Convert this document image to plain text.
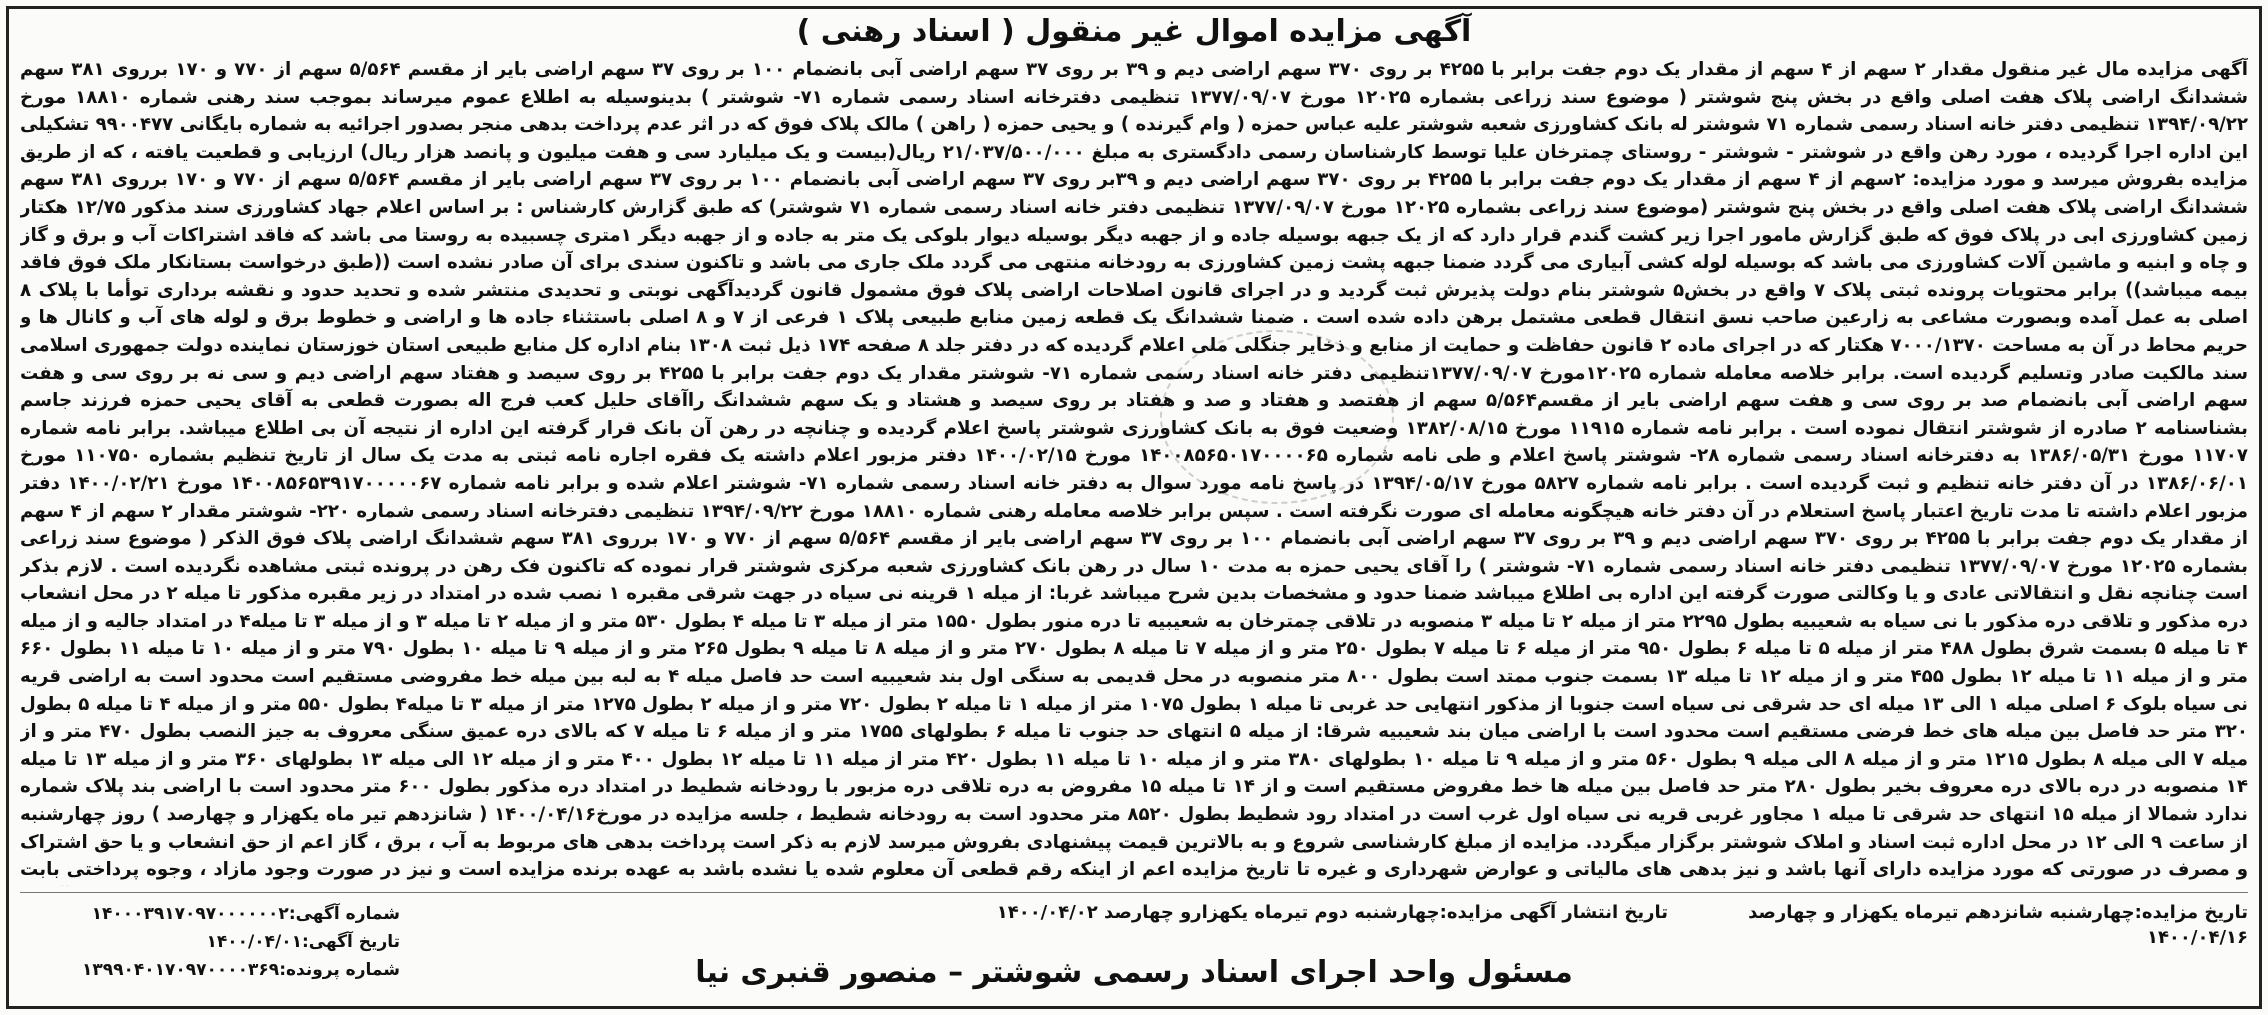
آگهی مزایده اموال غیر منقول ( اسناد رهنی )
آگهی مزایده مال غیر منقول مقدار ۲ سهم از ۴ سهم از مقدار یک دوم جفت برابر با ۴۲۵۵ بر روی ۳۷۰ سهم اراضی دیم و ۳۹ بر روی ۳۷ سهم اراضی آبی بانضمام ۱۰۰ بر روی ۳۷ سهم اراضی بایر از مقسم ۵/۵۶۴ سهم از ۷۷۰ و ۱۷۰ برروی ۳۸۱ سهم ششدانگ اراضی پلاک هفت اصلی واقع در بخش پنج شوشتر ( موضوع سند زراعی بشماره ۱۲۰۲۵ مورخ ۱۳۷۷/۰۹/۰۷ تنظیمی دفترخانه اسناد رسمی شماره ۷۱- شوشتر ) بدینوسیله به اطلاع عموم میرساند بموجب سند رهنی شماره ۱۸۸۱۰ مورخ ۱۳۹۴/۰۹/۲۲ تنظیمی دفتر خانه اسناد رسمی شماره ۷۱ شوشتر له بانک کشاورزی شعبه شوشتر علیه عباس حمزه ( وام گیرنده ) و یحیی حمزه ( راهن ) مالک پلاک فوق که در اثر عدم پرداخت بدهی منجر بصدور اجرائیه به شماره بایگانی ۹۹۰۰۴۷۷ تشکیلی این اداره اجرا گردیده ، مورد رهن واقع در شوشتر - شوشتر - روستای چمترخان علیا توسط کارشناسان رسمی دادگستری به مبلغ ۲۱/۰۳۷/۵۰۰/۰۰۰ ریال(بیست و یک میلیارد سی و هفت میلیون و پانصد هزار ریال) ارزیابی و قطعیت یافته ، که از طریق مزایده بفروش میرسد و مورد مزایده: ۲سهم از ۴ سهم از مقدار یک دوم جفت برابر با ۴۲۵۵ بر روی ۳۷۰ سهم اراضی دیم و ۳۹بر روی ۳۷ سهم اراضی آبی بانضمام ۱۰۰ بر روی ۳۷ سهم اراضی بایر از مقسم ۵/۵۶۴ سهم از ۷۷۰ و ۱۷۰ برروی ۳۸۱ سهم ششدانگ اراضی پلاک هفت اصلی واقع در بخش پنج شوشتر (موضوع سند زراعی بشماره ۱۲۰۲۵ مورخ ۱۳۷۷/۰۹/۰۷ تنظیمی دفتر خانه اسناد رسمی شماره ۷۱ شوشتر) که طبق گزارش کارشناس : بر اساس اعلام جهاد کشاورزی سند مذکور ۱۲/۷۵ هکتار زمین کشاورزی ابی در پلاک فوق که طبق گزارش مامور اجرا زیر کشت گندم قرار دارد که از یک جبهه بوسیله جاده و از جهبه دیگر بوسیله دیوار بلوکی یک متر به جاده و از جهبه دیگر ۱متری چسبیده به روستا می باشد که فاقد اشتراکات آب و برق و گاز و چاه و ابنیه و ماشین آلات کشاورزی می باشد که بوسیله لوله کشی آبیاری می گردد ضمنا جبهه پشت زمین کشاورزی به رودخانه منتهی می گردد ملک جاری می باشد و تاکنون سندی برای آن صادر نشده است ((طبق درخواست بستانکار ملک فوق فاقد بیمه میباشد)) برابر محتویات پرونده ثبتی پلاک ۷ واقع در بخش۵ شوشتر بنام دولت پذیرش ثبت گردید و در اجرای قانون اصلاحات اراضی پلاک فوق مشمول قانون گردیدآگهی نوبتی و تحدیدی منتشر شده و تحدید حدود و نقشه برداری توأما با پلاک ۸ اصلی به عمل آمده وبصورت مشاعی به زارعین صاحب نسق انتقال قطعی مشتمل برهن داده شده است . ضمنا ششدانگ یک قطعه زمین منابع طبیعی پلاک ۱ فرعی از ۷ و ۸ اصلی باستثناء جاده ها و اراضی و خطوط برق و لوله های آب و کانال ها و حریم محاط در آن به مساحت ۷۰۰۰/۱۳۷۰ هکتار که در اجرای ماده ۲ قانون حفاظت و حمایت از منابع و ذخایر جنگلی ملی اعلام گردیده که در دفتر جلد ۸ صفحه ۱۷۴ ذیل ثبت ۱۳۰۸ بنام اداره کل منابع طبیعی استان خوزستان نماینده دولت جمهوری اسلامی سند مالکیت صادر وتسلیم گردیده است. برابر خلاصه معامله شماره ۱۲۰۲۵مورخ ۱۳۷۷/۰۹/۰۷تنظیمی دفتر خانه اسناد رسمی شماره ۷۱- شوشتر مقدار یک دوم جفت برابر با ۴۲۵۵ بر روی سیصد و هفتاد سهم اراضی دیم و سی نه بر روی سی و هفت سهم اراضی آبی بانضمام صد بر روی سی و هفت سهم اراضی بایر از مقسم۵/۵۶۴ سهم از هفتصد و هفتاد و صد و هفتاد بر روی سیصد و هشتاد و یک سهم ششدانگ راآقای حلیل کعب فرج اله بصورت قطعی به آقای یحیی حمزه فرزند جاسم بشناسنامه ۲ صادره از شوشتر انتقال نموده است . برابر نامه شماره ۱۱۹۱۵ مورخ ۱۳۸۲/۰۸/۱۵ وضعیت فوق به بانک کشاورزی شوشتر پاسخ اعلام گردیده و چنانچه در رهن آن بانک قرار گرفته این اداره از نتیجه آن بی اطلاع میباشد. برابر نامه شماره ۱۱۷۰۷ مورخ ۱۳۸۶/۰۵/۳۱ به دفترخانه اسناد رسمی شماره ۲۸- شوشتر پاسخ اعلام و طی نامه شماره ۱۴۰۰۸۵۶۵۰۱۷۰۰۰۰۶۵ مورخ ۱۴۰۰/۰۲/۱۵ دفتر مزبور اعلام داشته یک فقره اجاره نامه ثبتی به مدت یک سال از تاریخ تنظیم بشماره ۱۱۰۷۵۰ مورخ ۱۳۸۶/۰۶/۰۱ در آن دفتر خانه تنظیم و ثبت گردیده است . برابر نامه شماره ۵۸۲۷ مورخ ۱۳۹۴/۰۵/۱۷ در پاسخ نامه مورد سوال به دفتر خانه اسناد رسمی شماره ۷۱- شوشتر اعلام شده و برابر نامه شماره ۱۴۰۰۸۵۶۵۳۹۱۷۰۰۰۰۰۶۷ مورخ ۱۴۰۰/۰۲/۲۱ دفتر مزبور اعلام داشته تا مدت تاریخ اعتبار پاسخ استعلام در آن دفتر خانه هیچگونه معامله ای صورت نگرفته است . سپس برابر خلاصه معامله رهنی شماره ۱۸۸۱۰ مورخ ۱۳۹۴/۰۹/۲۲ تنظیمی دفترخانه اسناد رسمی شماره ۲۲۰- شوشتر مقدار ۲ سهم از ۴ سهم از مقدار یک دوم جفت برابر با ۴۲۵۵ بر روی ۳۷۰ سهم اراضی دیم و ۳۹ بر روی ۳۷ سهم اراضی آبی بانضمام ۱۰۰ بر روی ۳۷ سهم اراضی بایر از مقسم ۵/۵۶۴ سهم از ۷۷۰ و ۱۷۰ برروی ۳۸۱ سهم ششدانگ اراضی پلاک فوق الذکر ( موضوع سند زراعی بشماره ۱۲۰۲۵ مورخ ۱۳۷۷/۰۹/۰۷ تنظیمی دفتر خانه اسناد رسمی شماره ۷۱- شوشتر ) را آقای یحیی حمزه به مدت ۱۰ سال در رهن بانک کشاورزی شعبه مرکزی شوشتر قرار نموده که تاکنون فک رهن در پرونده ثبتی مشاهده نگردیده است . لازم بذکر است چنانچه نقل و انتقالاتی عادی و یا وکالتی صورت گرفته این اداره بی اطلاع میباشد ضمنا حدود و مشخصات بدین شرح میباشد غربا: از میله ۱ قرینه نی سیاه در جهت شرقی مقبره ۱ نصب شده در امتداد در زیر مقبره مذکور تا میله ۲ در محل انشعاب دره مذکور و تلاقی دره مذکور با نی سیاه به شعیبیه بطول ۲۲۹۵ متر از میله ۲ تا میله ۳ منصوبه در تلاقی چمترخان به شعیبیه تا دره منور بطول ۱۵۵۰ متر از میله ۳ تا میله ۴ بطول ۵۳۰ متر و از میله ۲ تا میله ۳ و از میله ۳ تا میله۴ در امتداد جالیه و از میله ۴ تا میله ۵ بسمت شرق بطول ۴۸۸ متر از میله ۵ تا میله ۶ بطول ۹۵۰ متر از میله ۶ تا میله ۷ بطول ۲۵۰ متر و از میله ۷ تا میله ۸ بطول ۲۷۰ متر و از میله ۸ تا میله ۹ بطول ۲۶۵ متر و از میله ۹ تا میله ۱۰ بطول ۷۹۰ متر و از میله ۱۰ تا میله ۱۱ بطول ۶۶۰ متر و از میله ۱۱ تا میله ۱۲ بطول ۴۵۵ متر و از میله ۱۲ تا میله ۱۳ بسمت جنوب ممتد است بطول ۸۰۰ متر منصوبه در محل قدیمی به سنگی اول بند شعیبیه است حد فاصل میله ۴ به لبه بین میله خط مفروضی مستقیم است محدود است به اراضی قریه نی سیاه بلوک ۶ اصلی میله ۱ الی ۱۳ میله ای حد شرقی نی سیاه است جنوبا از مذکور انتهایی حد غربی تا میله ۱ بطول ۱۰۷۵ متر از میله ۱ تا میله ۲ بطول ۷۲۰ متر و از میله ۲ بطول ۱۲۷۵ متر از میله ۳ تا میله۴ بطول ۵۵۰ متر و از میله ۴ تا میله ۵ بطول ۳۲۰ متر حد فاصل بین میله های خط فرضی مستقیم است محدود است با اراضی میان بند شعیبیه شرقا: از میله ۵ انتهای حد جنوب تا میله ۶ بطولهای ۱۷۵۵ متر و از میله ۶ تا میله ۷ که بالای دره عمیق سنگی معروف به جیز النصب بطول ۴۷۰ متر و از میله ۷ الی میله ۸ بطول ۱۲۱۵ متر و از میله ۸ الی میله ۹ بطول ۵۶۰ متر و از میله ۹ تا میله ۱۰ بطولهای ۳۸۰ متر و از میله ۱۰ تا میله ۱۱ بطول ۴۲۰ متر از میله ۱۱ تا میله ۱۲ بطول ۴۰۰ متر و از میله ۱۲ الی میله ۱۳ بطولهای ۳۶۰ متر و از میله ۱۳ تا میله ۱۴ منصوبه در دره بالای دره معروف بخیر بطول ۲۸۰ متر حد فاصل بین میله ها خط مفروض مستقیم است و از ۱۴ تا میله ۱۵ مفروض به دره تلاقی دره مزبور با رودخانه شطیط در امتداد دره مذکور بطول ۶۰۰ متر محدود است با اراضی بند پلاک شماره ندارد شمالا از میله ۱۵ انتهای حد شرقی تا میله ۱ مجاور غربی قریه نی سیاه اول غرب است در امتداد رود شطیط بطول ۸۵۲۰ متر محدود است به رودخانه شطیط ، جلسه مزایده در مورخ۱۴۰۰/۰۴/۱۶ ( شانزدهم تیر ماه یکهزار و چهارصد ) روز چهارشنبه از ساعت ۹ الی ۱۲ در محل اداره ثبت اسناد و املاک شوشتر برگزار میگردد. مزایده از مبلغ کارشناسی شروع و به بالاترین قیمت پیشنهادی بفروش میرسد لازم به ذکر است پرداخت بدهی های مربوط به آب ، برق ، گاز اعم از حق انشعاب و یا حق اشتراک و مصرف در صورتی که مورد مزایده دارای آنها باشد و نیز بدهی های مالیاتی و عوارض شهرداری و غیره تا تاریخ مزایده اعم از اینکه رقم قطعی آن معلوم شده یا نشده باشد به عهده برنده مزایده است و نیز در صورت وجود مازاد ، وجوه پرداختی بابت
تاریخ مزایده:چهارشنبه شانزدهم تیرماه یکهزار و چهارصد ۱۴۰۰/۰۴/۱۶
تاریخ انتشار آگهی مزایده:چهارشنبه دوم تیرماه یکهزارو چهارصد ۱۴۰۰/۰۴/۰۲
شماره آگهی:۱۴۰۰۰۳۹۱۷۰۹۷۰۰۰۰۰۰۲
تاریخ آگهی:۱۴۰۰/۰۴/۰۱
شماره پرونده:۱۳۹۹۰۴۰۱۷۰۹۷۰۰۰۰۳۶۹	مسئول واحد اجرای اسناد رسمی شوشتر – منصور قنبری نیا
